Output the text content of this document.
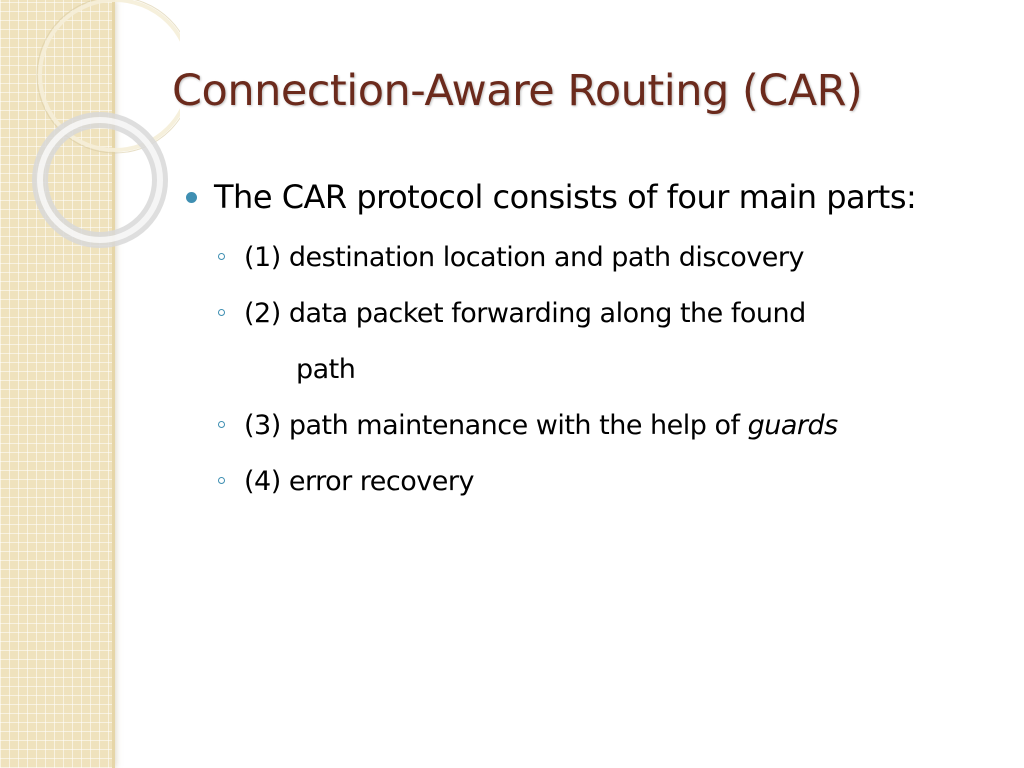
Connection-Aware Routing (CAR)
The CAR protocol consists of four main parts:
(1) destination location and path discovery
(2) data packet forwarding along the found
path
(3) path maintenance with the help of guards
(4) error recovery
